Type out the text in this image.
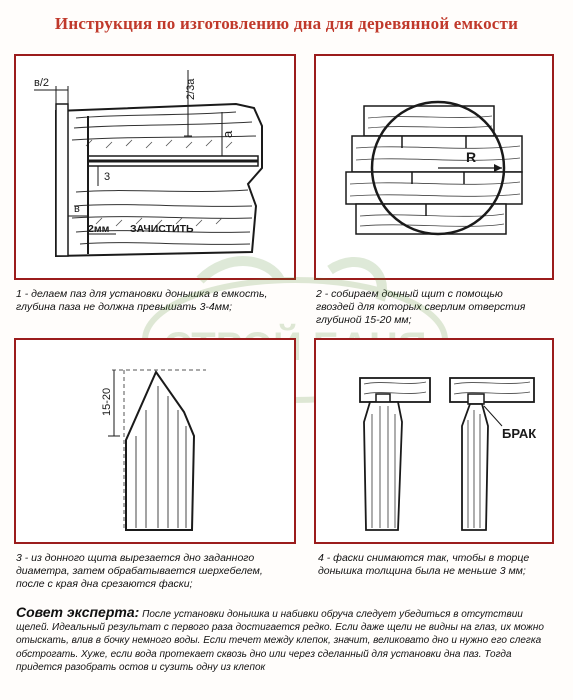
Инструкция по изготовлению дна для деревянной емкости
в/2	2/3а
а
3
в
2мм ЗАЧИСТИТЬ
1 - делаем паз для установки донышка в емкость,
глубина паза не должна превышать 3-4мм;
R
2 - собираем донный щит с помощью
гвоздей для которых сверлим отверстия
глубиной 15-20 мм;
15-20
3 - из донного щита вырезается дно заданного
диаметра, затем обрабатывается шерхебелем,
после с края дна срезаются фаски;
БРАК
4 - фаски снимаются так, чтобы в торце
донышка толщина была не меньше 3 мм;
Совет эксперта: После установки донышка и набивки обруча следует убедиться в отсутствии щелей. Идеальный результат с первого раза достигается редко. Если даже щели не видны на глаз, их можно отыскать, влив в бочку немного воды. Если течет между клепок, значит, великовато дно и нужно его слегка обстрогать. Хуже, если вода протекает сквозь дно или через сделанный для установки дна паз. Тогда придется разобрать остов и сузить одну из клепок
